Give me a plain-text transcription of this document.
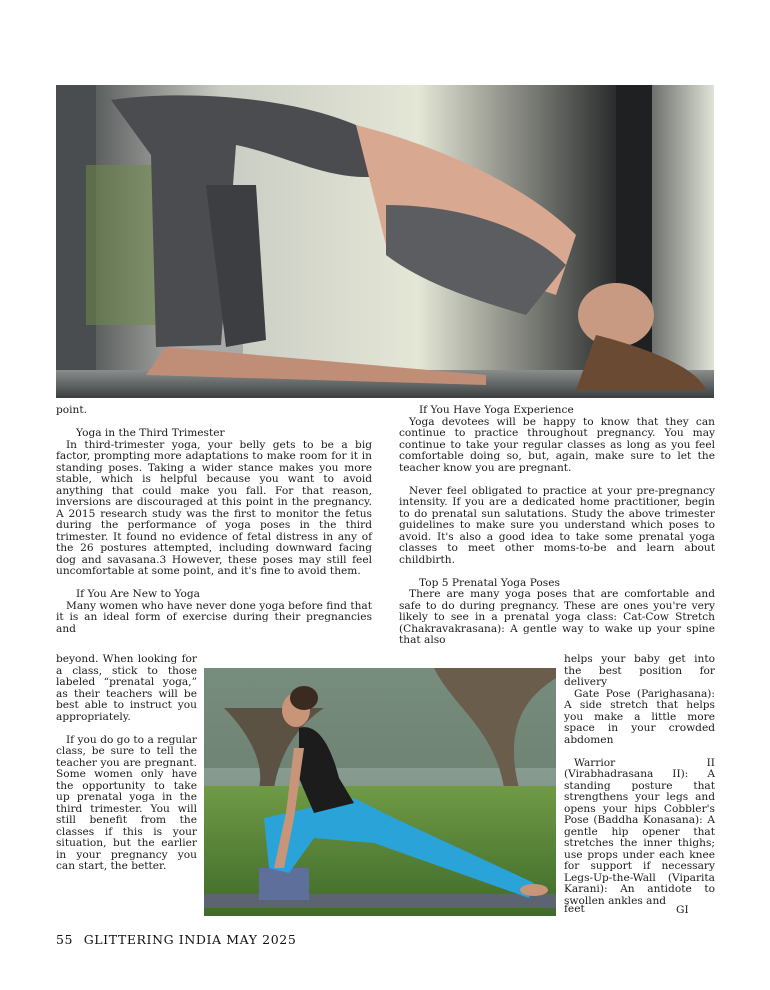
point.

Yoga in the Third Trimester

In third-trimester yoga, your belly gets to be a big factor, prompting more adaptations to make room for it in standing poses. Taking a wider stance makes you more stable, which is helpful because you want to avoid anything that could make you fall. For that reason, inversions are discouraged at this point in the pregnancy. A 2015 research study was the first to monitor the fetus during the performance of yoga poses in the third trimester. It found no evidence of fetal distress in any of the 26 postures attempted, including downward facing dog and savasana.3 However, these poses may still feel uncomfortable at some point, and it's fine to avoid them.

If You Are New to Yoga

Many women who have never done yoga before find that it is an ideal form of exercise during their pregnancies and

beyond. When looking for a class, stick to those labeled “prenatal yoga,” as their teachers will be best able to instruct you appropriately.

If you do go to a regular class, be sure to tell the teacher you are pregnant. Some women only have the opportunity to take up prenatal yoga in the third trimester. You will still benefit from the classes if this is your situation, but the earlier in your pregnancy you can start, the better.

If You Have Yoga Experience

Yoga devotees will be happy to know that they can continue to practice throughout pregnancy. You may continue to take your regular classes as long as you feel comfortable doing so, but, again, make sure to let the teacher know you are pregnant.

Never feel obligated to practice at your pre-pregnancy intensity. If you are a dedicated home practitioner, begin to do prenatal sun salutations. Study the above trimester guidelines to make sure you understand which poses to avoid. It's also a good idea to take some prenatal yoga classes to meet other moms-to-be and learn about childbirth.

Top 5 Prenatal Yoga Poses

There are many yoga poses that are comfortable and safe to do during pregnancy. These are ones you're very likely to see in a prenatal yoga class: Cat-Cow Stretch (Chakravakrasana): A gentle way to wake up your spine that also

helps your baby get into the best position for delivery

Gate Pose (Parighasana): A side stretch that helps you make a little more space in your crowded abdomen

Warrior II (Virabhadrasana II): A standing posture that strengthens your legs and opens your hips Cobbler's Pose (Baddha Konasana): A gentle hip opener that stretches the inner thighs; use props under each knee for support if necessary Legs-Up-the-Wall (Viparita Karani): An antidote to swollen ankles and

feet	GI
55 GLITTERING INDIA MAY 2025
